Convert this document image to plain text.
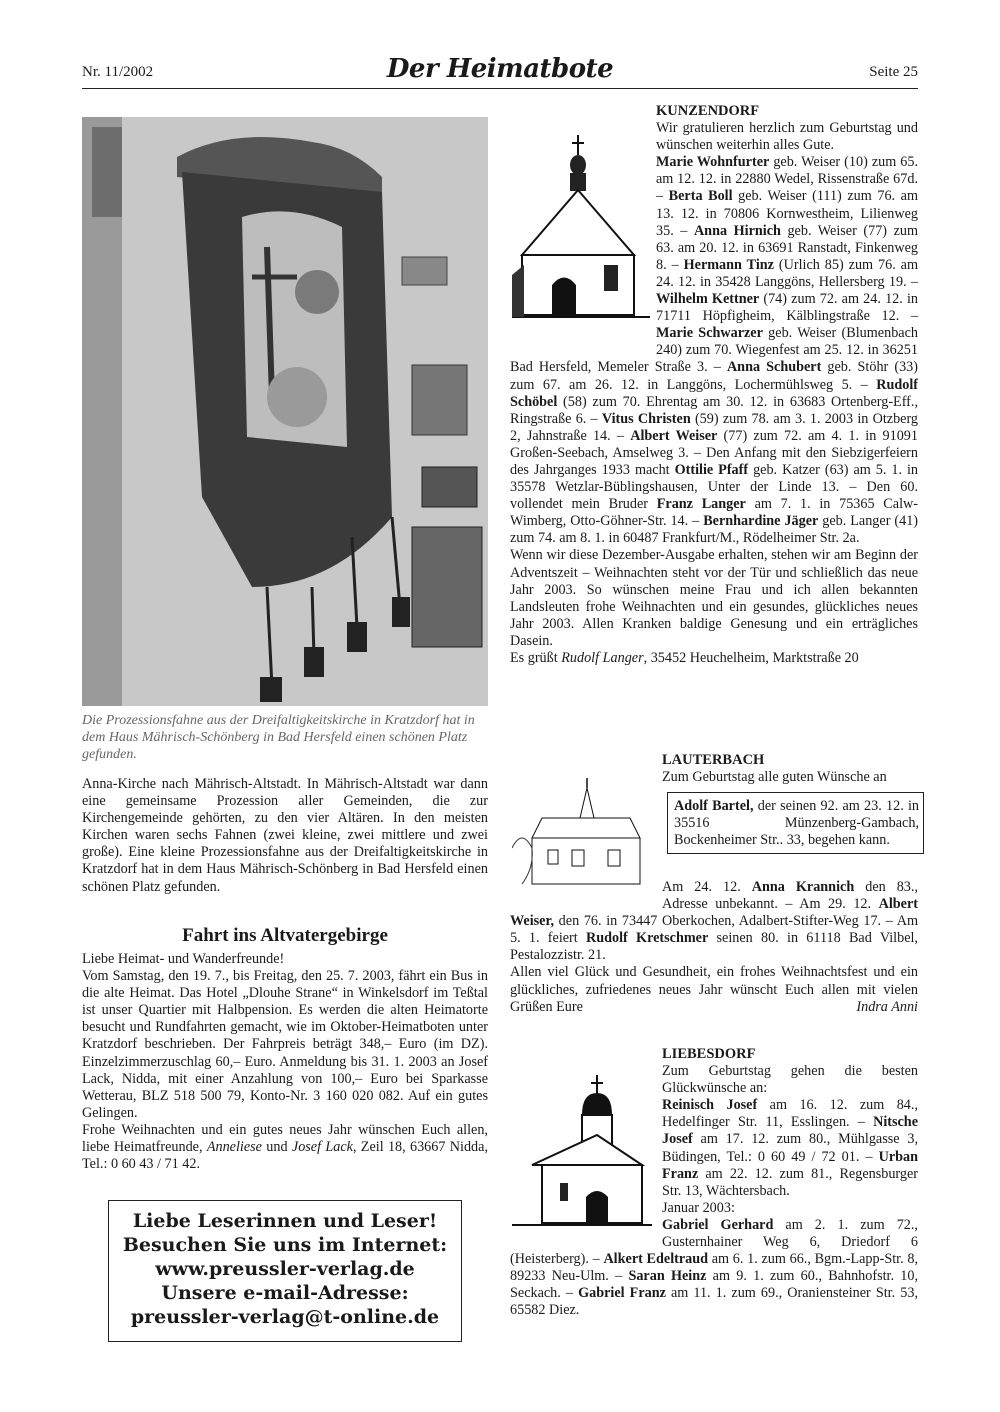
Nr. 11/2002	Der Heimatbote	Seite 25
Die Prozessionsfahne aus der Dreifaltigkeitskirche in Kratzdorf hat in dem Haus Mährisch-Schönberg in Bad Hersfeld einen schönen Platz gefunden.

Anna-Kirche nach Mährisch-Altstadt. In Mährisch-Altstadt war dann eine gemeinsame Prozession aller Gemeinden, die zur Kirchengemeinde gehörten, zu den vier Altären. In den meisten Kirchen waren sechs Fahnen (zwei kleine, zwei mittlere und zwei große). Eine kleine Prozessionsfahne aus der Dreifaltigkeitskirche in Kratzdorf hat in dem Haus Mährisch-Schönberg in Bad Hersfeld einen schönen Platz gefunden.

Fahrt ins Altvatergebirge

Liebe Heimat- und Wanderfreunde!

Vom Samstag, den 19. 7., bis Freitag, den 25. 7. 2003, fährt ein Bus in die alte Heimat. Das Hotel „Dlouhe Strane“ in Winkelsdorf im Teßtal ist unser Quartier mit Halbpension. Es werden die alten Heimatorte besucht und Rundfahrten gemacht, wie im Oktober-Heimatboten unter Kratzdorf beschrieben. Der Fahrpreis beträgt 348,– Euro (im DZ). Einzelzimmerzuschlag 60,– Euro. Anmeldung bis 31. 1. 2003 an Josef Lack, Nidda, mit einer Anzahlung von 100,– Euro bei Sparkasse Wetterau, BLZ 518 500 79, Konto-Nr. 3 160 020 082. Auf ein gutes Gelingen.

Frohe Weihnachten und ein gutes neues Jahr wünschen Euch allen, liebe Heimatfreunde, Anneliese und Josef Lack, Zeil 18, 63667 Nidda, Tel.: 0 60 43 / 71 42.

Liebe Leserinnen und Leser!
Besuchen Sie uns im Internet:
www.preussler-verlag.de
Unsere e-mail-Adresse:
preussler-verlag@t-online.de

KUNZENDORF

Wir gratulieren herzlich zum Geburtstag und wünschen weiterhin alles Gute.

Marie Wohnfurter geb. Weiser (10) zum 65. am 12. 12. in 22880 Wedel, Rissenstraße 67d. – Berta Boll geb. Weiser (111) zum 76. am 13. 12. in 70806 Kornwestheim, Lilienweg 35. – Anna Hirnich geb. Weiser (77) zum 63. am 20. 12. in 63691 Ranstadt, Finkenweg 8. – Hermann Tinz (Urlich 85) zum 76. am 24. 12. in 35428 Langgöns, Hellersberg 19. – Wilhelm Kettner (74) zum 72. am 24. 12. in 71711 Höpfigheim, Kälblingstraße 12. – Marie Schwarzer geb. Weiser (Blumenbach 240) zum 70. Wiegenfest am 25. 12. in 36251 Bad Hersfeld, Memeler Straße 3. – Anna Schubert geb. Stöhr (33) zum 67. am 26. 12. in Langgöns, Lochermühlsweg 5. – Rudolf Schöbel (58) zum 70. Ehrentag am 30. 12. in 63683 Ortenberg-Eff., Ringstraße 6. – Vitus Christen (59) zum 78. am 3. 1. 2003 in Otzberg 2, Jahnstraße 14. – Albert Weiser (77) zum 72. am 4. 1. in 91091 Großen-Seebach, Amselweg 3. – Den Anfang mit den Siebzigerfeiern des Jahrganges 1933 macht Ottilie Pfaff geb. Katzer (63) am 5. 1. in 35578 Wetzlar-Büblingshausen, Unter der Linde 13. – Den 60. vollendet mein Bruder Franz Langer am 7. 1. in 75365 Calw-Wimberg, Otto-Göhner-Str. 14. – Bernhardine Jäger geb. Langer (41) zum 74. am 8. 1. in 60487 Frankfurt/M., Rödelheimer Str. 2a.

Wenn wir diese Dezember-Ausgabe erhalten, stehen wir am Beginn der Adventszeit – Weihnachten steht vor der Tür und schließlich das neue Jahr 2003. So wünschen meine Frau und ich allen bekannten Landsleuten frohe Weihnachten und ein gesundes, glückliches neues Jahr 2003. Allen Kranken baldige Genesung und ein erträgliches Dasein.

Es grüßt Rudolf Langer, 35452 Heuchelheim, Marktstraße 20

LAUTERBACH

Zum Geburtstag alle guten Wünsche an

Adolf Bartel, der seinen 92. am 23. 12. in 35516 Münzenberg-Gambach, Bockenheimer Str.. 33, begehen kann.

Am 24. 12. Anna Krannich den 83., Adresse unbekannt. – Am 29. 12. Albert Weiser, den 76. in 73447 Oberkochen, Adalbert-Stifter-Weg 17. – Am 5. 1. feiert Rudolf Kretschmer seinen 80. in 61118 Bad Vilbel, Pestalozzistr. 21.

Allen viel Glück und Gesundheit, ein frohes Weihnachtsfest und ein glückliches, zufriedenes neues Jahr wünscht Euch allen mit vielen Grüßen Eure	Indra Anni

LIEBESDORF

Zum Geburtstag gehen die besten Glückwünsche an:

Reinisch Josef am 16. 12. zum 84., Hedelfinger Str. 11, Esslingen. – Nitsche Josef am 17. 12. zum 80., Mühlgasse 3, Büdingen, Tel.: 0 60 49 / 72 01. – Urban Franz am 22. 12. zum 81., Regensburger Str. 13, Wächtersbach.
Januar 2003:
Gabriel Gerhard am 2. 1. zum 72., Gusternhainer Weg 6, Driedorf 6 (Heisterberg). – Alkert Edeltraud am 6. 1. zum 66., Bgm.-Lapp-Str. 8, 89233 Neu-Ulm. – Saran Heinz am 9. 1. zum 60., Bahnhofstr. 10, Seckach. – Gabriel Franz am 11. 1. zum 69., Oraniensteiner Str. 53, 65582 Diez.
